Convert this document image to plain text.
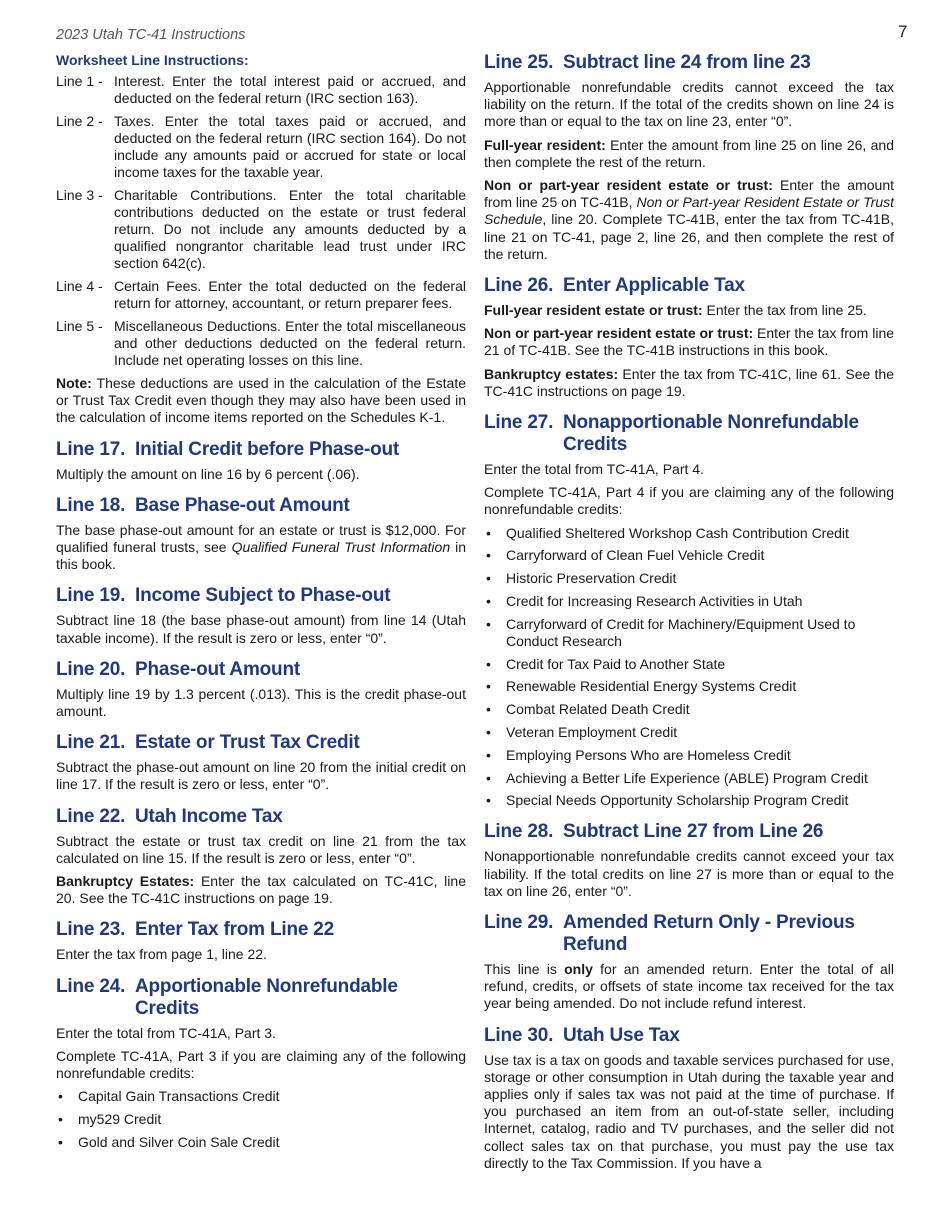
2023 Utah TC-41 Instructions	7
Worksheet Line Instructions:
Line 1 - Interest. Enter the total interest paid or accrued, and deducted on the federal return (IRC section 163).
Line 2 - Taxes. Enter the total taxes paid or accrued, and deducted on the federal return (IRC section 164). Do not include any amounts paid or accrued for state or local income taxes for the taxable year.
Line 3 - Charitable Contributions. Enter the total charitable contributions deducted on the estate or trust federal return. Do not include any amounts deducted by a qualified nongrantor charitable lead trust under IRC section 642(c).
Line 4 - Certain Fees. Enter the total deducted on the federal return for attorney, accountant, or return preparer fees.
Line 5 - Miscellaneous Deductions. Enter the total miscellaneous and other deductions deducted on the federal return. Include net operating losses on this line.

Note: These deductions are used in the calculation of the Estate or Trust Tax Credit even though they may also have been used in the calculation of income items reported on the Schedules K-1.

Line 17. Initial Credit before Phase-out

Multiply the amount on line 16 by 6 percent (.06).

Line 18. Base Phase-out Amount

The base phase-out amount for an estate or trust is $12,000. For qualified funeral trusts, see Qualified Funeral Trust Information in this book.

Line 19. Income Subject to Phase-out

Subtract line 18 (the base phase-out amount) from line 14 (Utah taxable income). If the result is zero or less, enter “0”.

Line 20. Phase-out Amount

Multiply line 19 by 1.3 percent (.013). This is the credit phase-out amount.

Line 21. Estate or Trust Tax Credit

Subtract the phase-out amount on line 20 from the initial credit on line 17. If the result is zero or less, enter “0”.

Line 22. Utah Income Tax

Subtract the estate or trust tax credit on line 21 from the tax calculated on line 15. If the result is zero or less, enter “0”.

Bankruptcy Estates: Enter the tax calculated on TC-41C, line 20. See the TC-41C instructions on page 19.

Line 23. Enter Tax from Line 22

Enter the tax from page 1, line 22.

Line 24. Apportionable Nonrefundable Credits

Enter the total from TC-41A, Part 3.

Complete TC-41A, Part 3 if you are claiming any of the following nonrefundable credits:

• Capital Gain Transactions Credit
• my529 Credit
• Gold and Silver Coin Sale Credit
Line 25. Subtract line 24 from line 23

Apportionable nonrefundable credits cannot exceed the tax liability on the return. If the total of the credits shown on line 24 is more than or equal to the tax on line 23, enter “0”.

Full-year resident: Enter the amount from line 25 on line 26, and then complete the rest of the return.

Non or part-year resident estate or trust: Enter the amount from line 25 on TC-41B, Non or Part-year Resident Estate or Trust Schedule, line 20. Complete TC-41B, enter the tax from TC-41B, line 21 on TC-41, page 2, line 26, and then complete the rest of the return.

Line 26. Enter Applicable Tax

Full-year resident estate or trust: Enter the tax from line 25.

Non or part-year resident estate or trust: Enter the tax from line 21 of TC-41B. See the TC-41B instructions in this book.

Bankruptcy estates: Enter the tax from TC-41C, line 61. See the TC-41C instructions on page 19.

Line 27. Nonapportionable Nonrefundable Credits

Enter the total from TC-41A, Part 4.

Complete TC-41A, Part 4 if you are claiming any of the following nonrefundable credits:

• Qualified Sheltered Workshop Cash Contribution Credit
• Carryforward of Clean Fuel Vehicle Credit
• Historic Preservation Credit
• Credit for Increasing Research Activities in Utah
• Carryforward of Credit for Machinery/Equipment Used to Conduct Research
• Credit for Tax Paid to Another State
• Renewable Residential Energy Systems Credit
• Combat Related Death Credit
• Veteran Employment Credit
• Employing Persons Who are Homeless Credit
• Achieving a Better Life Experience (ABLE) Program Credit
• Special Needs Opportunity Scholarship Program Credit
Line 28. Subtract Line 27 from Line 26

Nonapportionable nonrefundable credits cannot exceed your tax liability. If the total credits on line 27 is more than or equal to the tax on line 26, enter “0”.

Line 29. Amended Return Only - Previous Refund

This line is only for an amended return. Enter the total of all refund, credits, or offsets of state income tax received for the tax year being amended. Do not include refund interest.

Line 30. Utah Use Tax

Use tax is a tax on goods and taxable services purchased for use, storage or other consumption in Utah during the taxable year and applies only if sales tax was not paid at the time of purchase. If you purchased an item from an out-of-state seller, including Internet, catalog, radio and TV purchases, and the seller did not collect sales tax on that purchase, you must pay the use tax directly to the Tax Commission. If you have a
